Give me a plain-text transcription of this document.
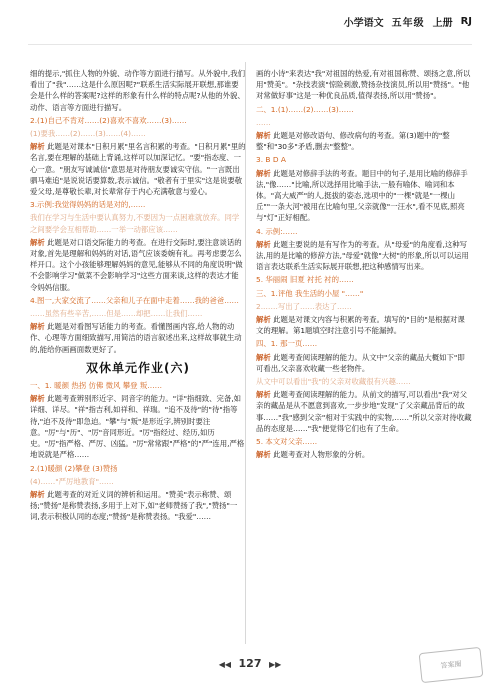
小学语文 五年级 上册 RJ

细的提示,"抓住人物的外貌、动作等方面进行描写。从外貌中,我们看出了"我"……这是什么原因呢?"联系生活实际展开联想,那谁要会是什么样的答案呢?这样的形象有什么样的特点呢?从他的外貌、动作、语言等方面进行描写。

2.(1)自己不肯对……(2)喜欢不喜欢……(3)……

(1)要我……(2)……(3)……(4)……

解析 此题是对课本"日积月累"里名言积累的考查。"日积月累"里的名言,要在理解的基础上背诵,这样可以加深记忆。"要"指态度、一心一意。"朋友写诚诚信"意思是对待朋友要诚实守信。"一言既出驷马难追"是说说话要算数,表示诚信。"敬者有于里实"这是说要敬爱父母,是尊敬长辈,对长辈常存于内心充满敬意与爱心。

3.示例:我觉得妈妈的话是对的,……

我们在学习与生活中要认真努力,不要因为一点困难就放弃。同学之间要学会互相帮助……一举一动都应该……

解析 此题是对口语交际能力的考查。在进行交际时,要注意谈话的对象,首先是理解和妈妈的对话,语气应该委婉有礼。再考虑要怎么样开口。这个小孩能够理解妈妈的意见,能够从不同的角度说明"做不会影响学习"做菜不会影响学习"这些方面来谈,这样的表达才能令妈妈信服。

4.图一,大家交流了……父亲和儿子在面中走着……我的爸爸……

……虽然有些辛苦,……但是……却把……让我们……

解析 此题是对看图写话能力的考查。看懂图画内容,给人物的动作、心理等方面细致描写,用简洁的语言叙述出来,这样故事就生动的,能给你画画面数更好了。

双休单元作业(六)

一、1. 暖颜 热拐 仿佛 微风 攀登 叛……

解析 此题考查辨别形近字、同音字的能力。"详"指细致、完备,如详细、详尽。"祥"指吉利,如祥和、祥瑞。"追不及待"的"待"指等待,"迫不及待"即急迫。"攀"与"叛"是形近字,辨别时要注意。"厉"与"历"、"厉"音同形近。"厉"指经过、经历,如历史。"厉"指严格、严厉、凶猛。"厉"常常跟"严格"的"严"连用,严格地说就是严格……

2.(1)暖颜 (2)攀登 (3)赞扬

(4)……"严厉地教育"……

解析 此题考查的对近义词的辨析和运用。"赞美"表示称赞、颂扬;"赞扬"是称赞表扬,多用于上对下,如"老师赞扬了我","赞扬"一词,表示积极认同的态度;"赞扬"是称赞表扬。"我爱"……

画的小诗"来表达"我"对祖国的热爱,有对祖国称赞、颂扬之意,所以用"赞美"。"杂技表演"惊险刺激,赞扬杂技演员,所以用"赞扬"。"他对常做好事"这是一种优良品质,值得表扬,所以用"赞扬"。

二、1.(1)……(2)……(3)……

……

解析 此题是对修改语句、修改病句的考查。第(3)题中的"整整"和"30多"矛盾,删去"整整"。

3. B D A

解析 此题是对修辞手法的考查。题目中的句子,是用比喻的修辞手法,"像……"比喻,所以选择用比喻手法,一般有喻体、喻词和本体。"高大威严"的人,挺拔的姿态,选项中的"一棵"就是"一棵山丘""一条大河"被用在比喻句里,父亲就像"一汪水",看不见底,照亮与"灯"正好相配。

4. 示例:……

解析 此题主要说的是有写作为的考查。从"母爱"的角度看,这种写法,用的是比喻的修辞方法,"母爱"就像"大树"的形象,所以可以运用语言表达联系生活实际展开联想,把这种感情写出来。

5. 华丽闹 旧夏 衬托 衬的……

三、1.评他 我生活的小屋 "……"

2.……写出了……表达了……

解析 此题是对课文内容与积累的考查。填写的"目的"是根据对课文的理解。第1题填空时注意引号不能漏掉。

四、1. 那一页……

解析 此题考查阅读理解的能力。从文中"父亲的藏品大概如下"即可看出,父亲喜欢收藏一些老物件。

从文中可以看出"我"的父亲对收藏很有兴趣……

解析 此题考查阅读理解的能力。从前文的描写,可以看出"我"对父亲的藏品是从不愿意到喜欢,一步步地"发现"了父亲藏品背后的故事……"我"感到父亲"相对于实践中的实物,……"所以父亲对待收藏品的态度是……"我"便觉得它们也有了生命。

5. 本文对父亲……

解析 此题考查对人物形象的分析。

◀◀ 127 ▶▶	答案圈
